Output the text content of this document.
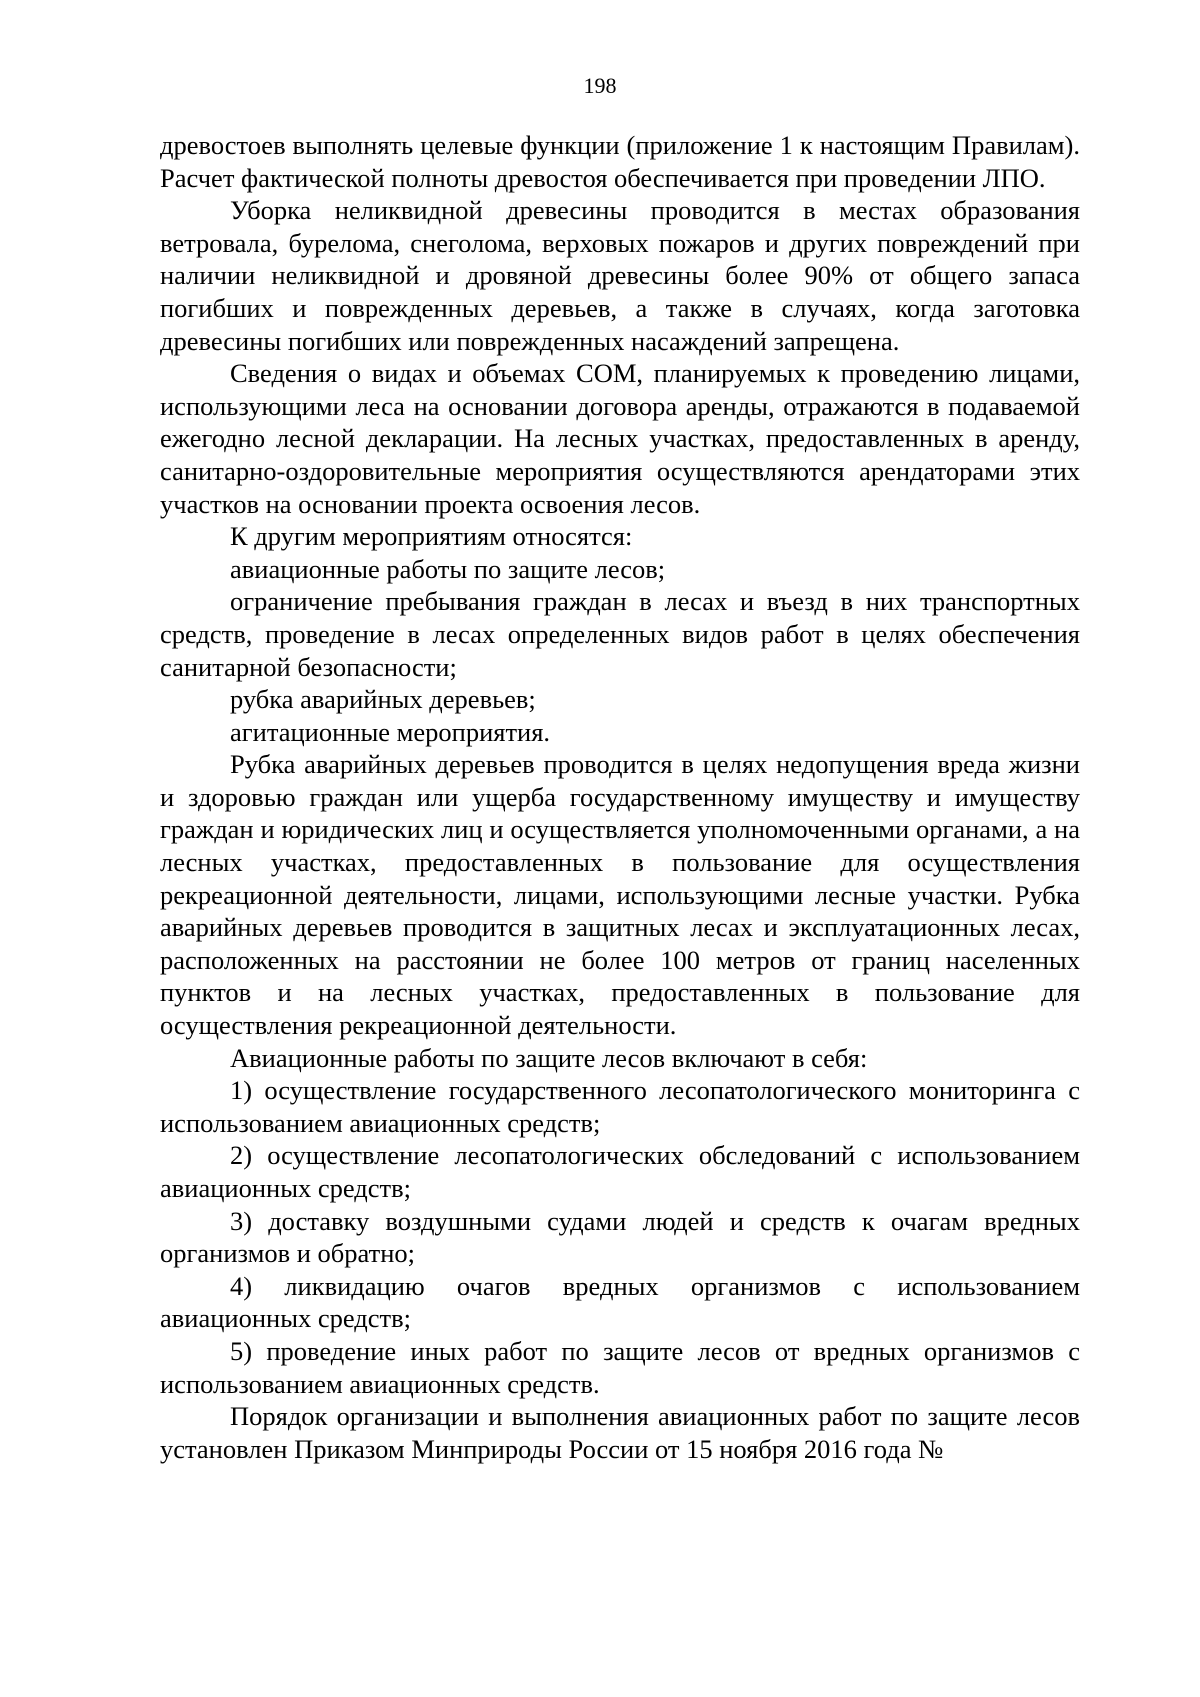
198

древостоев выполнять целевые функции (приложение 1 к настоящим Правилам). Расчет фактической полноты древостоя обеспечивается при проведении ЛПО.

Уборка неликвидной древесины проводится в местах образования ветровала, бурелома, снеголома, верховых пожаров и других повреждений при наличии неликвидной и дровяной древесины более 90% от общего запаса погибших и поврежденных деревьев, а также в случаях, когда заготовка древесины погибших или поврежденных насаждений запрещена.

Сведения о видах и объемах СОМ, планируемых к проведению лицами, использующими леса на основании договора аренды, отражаются в подаваемой ежегодно лесной декларации. На лесных участках, предоставленных в аренду, санитарно-оздоровительные мероприятия осуществляются арендаторами этих участков на основании проекта освоения лесов.

К другим мероприятиям относятся:

авиационные работы по защите лесов;

ограничение пребывания граждан в лесах и въезд в них транспортных средств, проведение в лесах определенных видов работ в целях обеспечения санитарной безопасности;

рубка аварийных деревьев;

агитационные мероприятия.

Рубка аварийных деревьев проводится в целях недопущения вреда жизни и здоровью граждан или ущерба государственному имуществу и имуществу граждан и юридических лиц и осуществляется уполномоченными органами, а на лесных участках, предоставленных в пользование для осуществления рекреационной деятельности, лицами, использующими лесные участки. Рубка аварийных деревьев проводится в защитных лесах и эксплуатационных лесах, расположенных на расстоянии не более 100 метров от границ населенных пунктов и на лесных участках, предоставленных в пользование для осуществления рекреационной деятельности.

Авиационные работы по защите лесов включают в себя:

1) осуществление государственного лесопатологического мониторинга с использованием авиационных средств;

2) осуществление лесопатологических обследований с использованием авиационных средств;

3) доставку воздушными судами людей и средств к очагам вредных организмов и обратно;

4) ликвидацию очагов вредных организмов с использованием авиационных средств;

5) проведение иных работ по защите лесов от вредных организмов с использованием авиационных средств.

Порядок организации и выполнения авиационных работ по защите лесов установлен Приказом Минприроды России от 15 ноября 2016 года №
